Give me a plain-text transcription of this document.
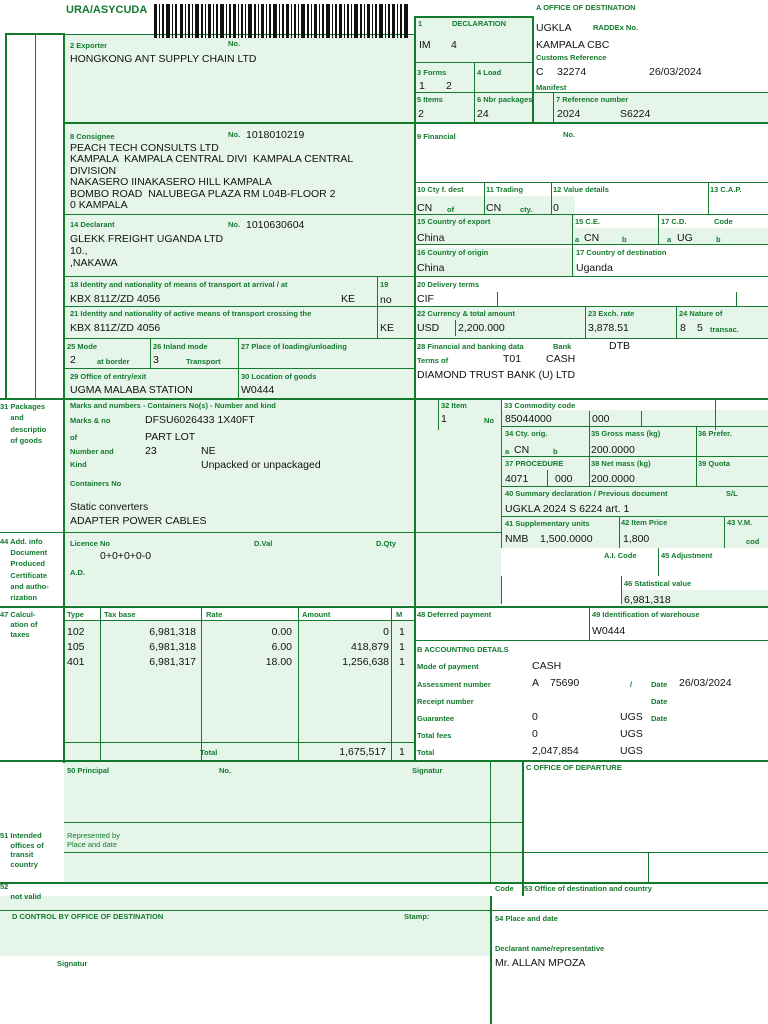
URA/ASYCUDA	A OFFICE OF DESTINATION
UGKLA	RADDEx No.
KAMPALA CBC
Customs Reference
C 32274	26/03/2024
Manifest
1	DECLARATION
IM 4
2 Exporter	No.
HONGKONG ANT SUPPLY CHAIN LTD
3 Forms
1 2
4 Load
5 Items
2
6 Nbr packages
24
7 Reference number
2024	S6224
8 Consignee	No. 1018010219
PEACH TECH CONSULTS LTD
KAMPALA  KAMPALA CENTRAL DIVI  KAMPALA CENTRAL
DIVISION
NAKASERO IINAKASERO HILL KAMPALA
BOMBO ROAD  NALUBEGA PLAZA RM L04B-FLOOR 2
0 KAMPALA
9 Financial	No.
10 Cty f. dest
CN of
11 Trading
CN	cty.
12 Value details
0
13 C.A.P.
14 Declarant	No. 1010630604
GLEKK FREIGHT UGANDA LTD
10.,
,NAKAWA
15 Country of export
China
15 C.E.
a CN	b
17 C.D.	Code
a UG	b
16 Country of origin
China
17 Country of destination
Uganda
18 Identity and nationality of means of transport at arrival / at
KBX 811Z/ZD 4056	KE
19
no
20 Delivery terms
CIF
21 Identity and nationality of active means of transport crossing the
KBX 811Z/ZD 4056	KE
22 Currency & total amount
USD 2,200.000
23 Exch. rate
3,878.51
24 Nature of
8 5 transac.
25 Mode
2	at border
26 Inland mode
3	Transport
27 Place of loading/unloading	28 Financial and banking data	Bank	DTB
Terms of	T01 CASH
DIAMOND TRUST BANK (U) LTD
29 Office of entry/exit
UGMA MALABA STATION
30 Location of goods
W0444
31 Packages
and
descriptio
of goods
Marks and numbers - Containers No(s) - Number and kind
Marks & no	DFSU6026433 1X40FT
of	PART LOT
Number and	23	NE
Kind	Unpacked or unpackaged
Containers No
Static converters
ADAPTER POWER CABLES
32 Item
1	No
33 Commodity code
85044000	000
34 Cty. orig.
a CN	b
35 Gross mass (kg)
200.0000
36 Prefer.
37 PROCEDURE
4071	000
38 Net mass (kg)
200.0000
39 Quota
40 Summary declaration / Previous document	S/L
UGKLA 2024 S 6224 art. 1
41 Supplementary units
NMB 1,500.0000
42 Item Price
1,800
43 V.M.
cod
44 Add. info
Document
Produced
Certificate
and autho-
rization
Licence No	D.Val	D.Qty
0+0+0+0-0
A.D.
A.I. Code	45 Adjustment
46 Statistical value
6,981,318
47 Calcul-
ation of
taxes
Type	Tax base	Rate	Amount	M
102	6,981,318	0.00	0 1
105	6,981,318	6.00	418,879 1
401	6,981,317	18.00	1,256,638 1
Total	1,675,517 1
48 Deferred payment	49 Identification of warehouse
W0444
B ACCOUNTING DETAILS
Mode of payment	CASH
Assessment number	A 75690	/	Date 26/03/2024
Receipt number	Date
Guarantee	0	UGS Date
Total fees	0	UGS
Total	2,047,854	UGS
50 Principal	No.	Signatur
Represented by
Place and date
51 Intended
offices of
transit
country
C OFFICE OF DEPARTURE
52
not valid
Code 53 Office of destination and country
D CONTROL BY OFFICE OF DESTINATION	Stamp:
Signatur
54 Place and date
Declarant name/representative
Mr. ALLAN MPOZA
